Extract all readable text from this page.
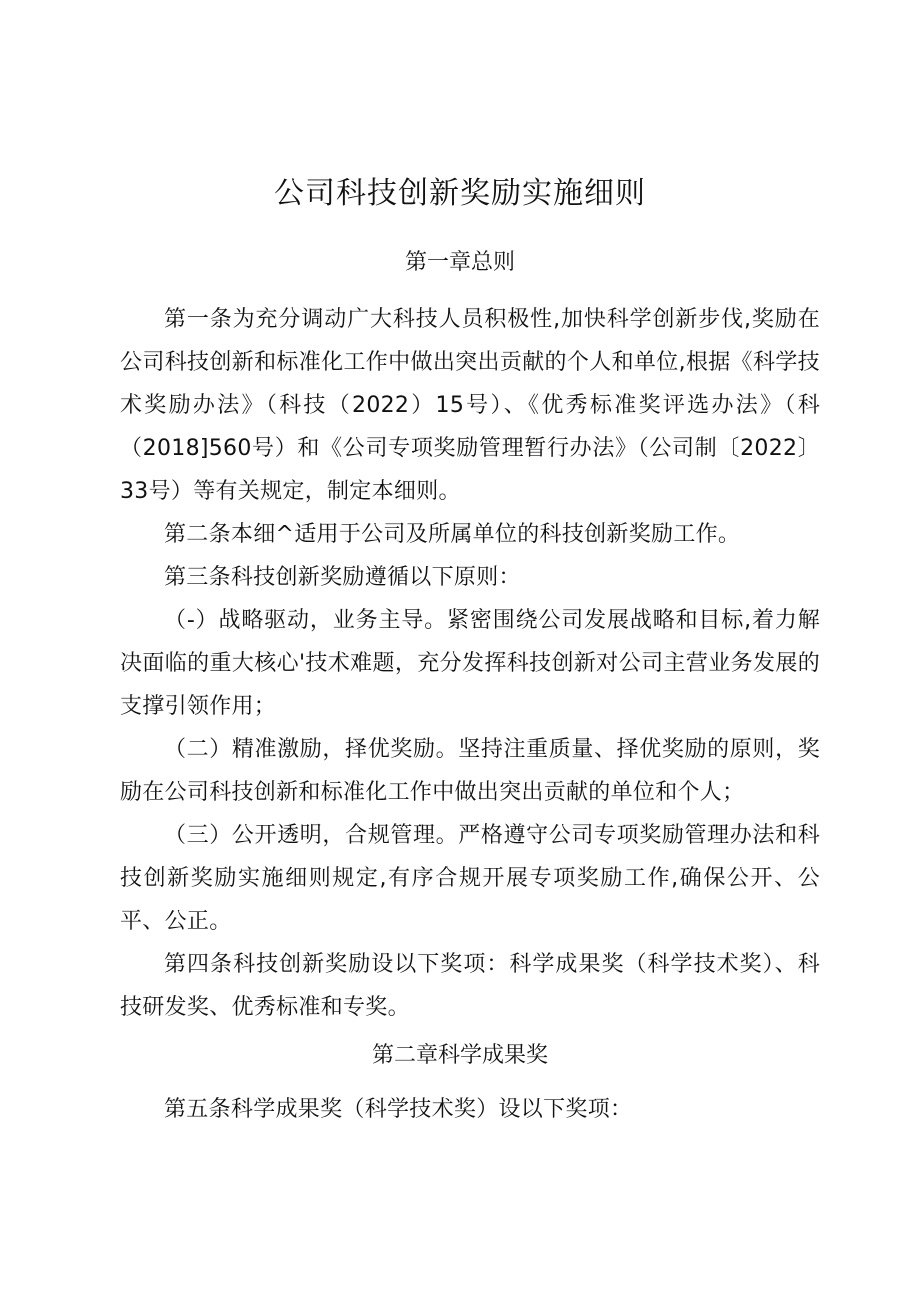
公司科技创新奖励实施细则
第一章总则

第一条为充分调动广大科技人员积极性,加快科学创新步伐,奖励在公司科技创新和标准化工作中做出突出贡献的个人和单位,根据《科学技术奖励办法》（科技（2022）15号）、《优秀标准奖评选办法》（科（2018]560号）和《公司专项奖励管理暂行办法》（公司制〔2022〕33号）等有关规定，制定本细则。

第二条本细^适用于公司及所属单位的科技创新奖励工作。

第三条科技创新奖励遵循以下原则：

（-）战略驱动，业务主导。紧密围绕公司发展战略和目标,着力解决面临的重大核心'技术难题，充分发挥科技创新对公司主营业务发展的支撑引领作用；

（二）精准激励，择优奖励。坚持注重质量、择优奖励的原则，奖励在公司科技创新和标准化工作中做出突出贡献的单位和个人；

（三）公开透明，合规管理。严格遵守公司专项奖励管理办法和科技创新奖励实施细则规定,有序合规开展专项奖励工作,确保公开、公平、公正。

第四条科技创新奖励设以下奖项：科学成果奖（科学技术奖）、科技研发奖、优秀标准和专奖。

第二章科学成果奖

第五条科学成果奖（科学技术奖）设以下奖项：
